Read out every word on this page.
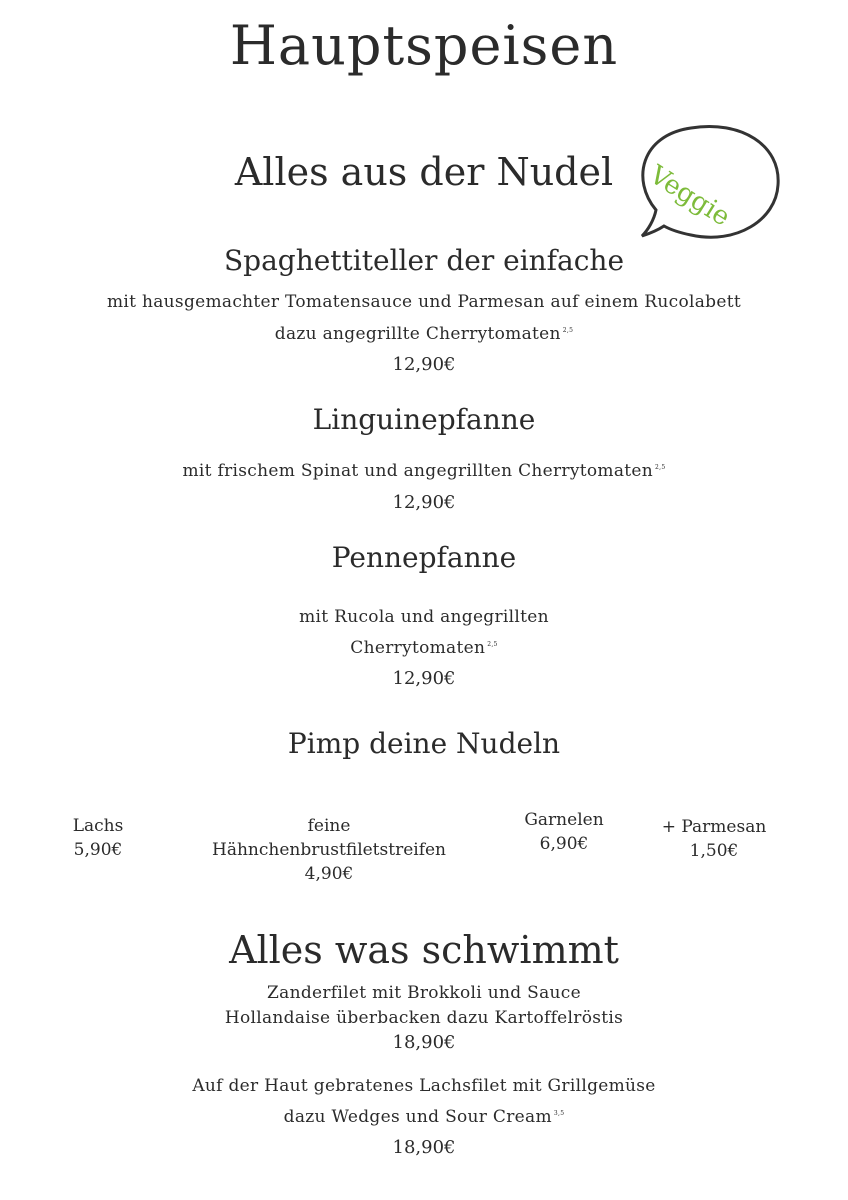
Hauptspeisen
Veggie
Alles aus der Nudel
Spaghettiteller der einfache
mit hausgemachter Tomatensauce und Parmesan auf einem Rucolabett
dazu angegrillte Cherrytomaten $^{2,5}$
12,90€
Linguinepfanne
mit frischem Spinat und angegrillten Cherrytomaten $^{2,5}$
12,90€
Pennepfanne
mit Rucola und angegrillten
Cherrytomaten $^{2,5}$
12,90€
Pimp deine Nudeln
Lachs
5,90€
feine Hähnchenbrustfiletstreifen
4,90€
Garnelen
6,90€
+ Parmesan
1,50€
Alles was schwimmt
Zanderfilet mit Brokkoli und Sauce
Hollandaise überbacken dazu Kartoffelröstis
18,90€
Auf der Haut gebratenes Lachsfilet mit Grillgemüse
dazu Wedges und Sour Cream $^{3,5}$
18,90€
